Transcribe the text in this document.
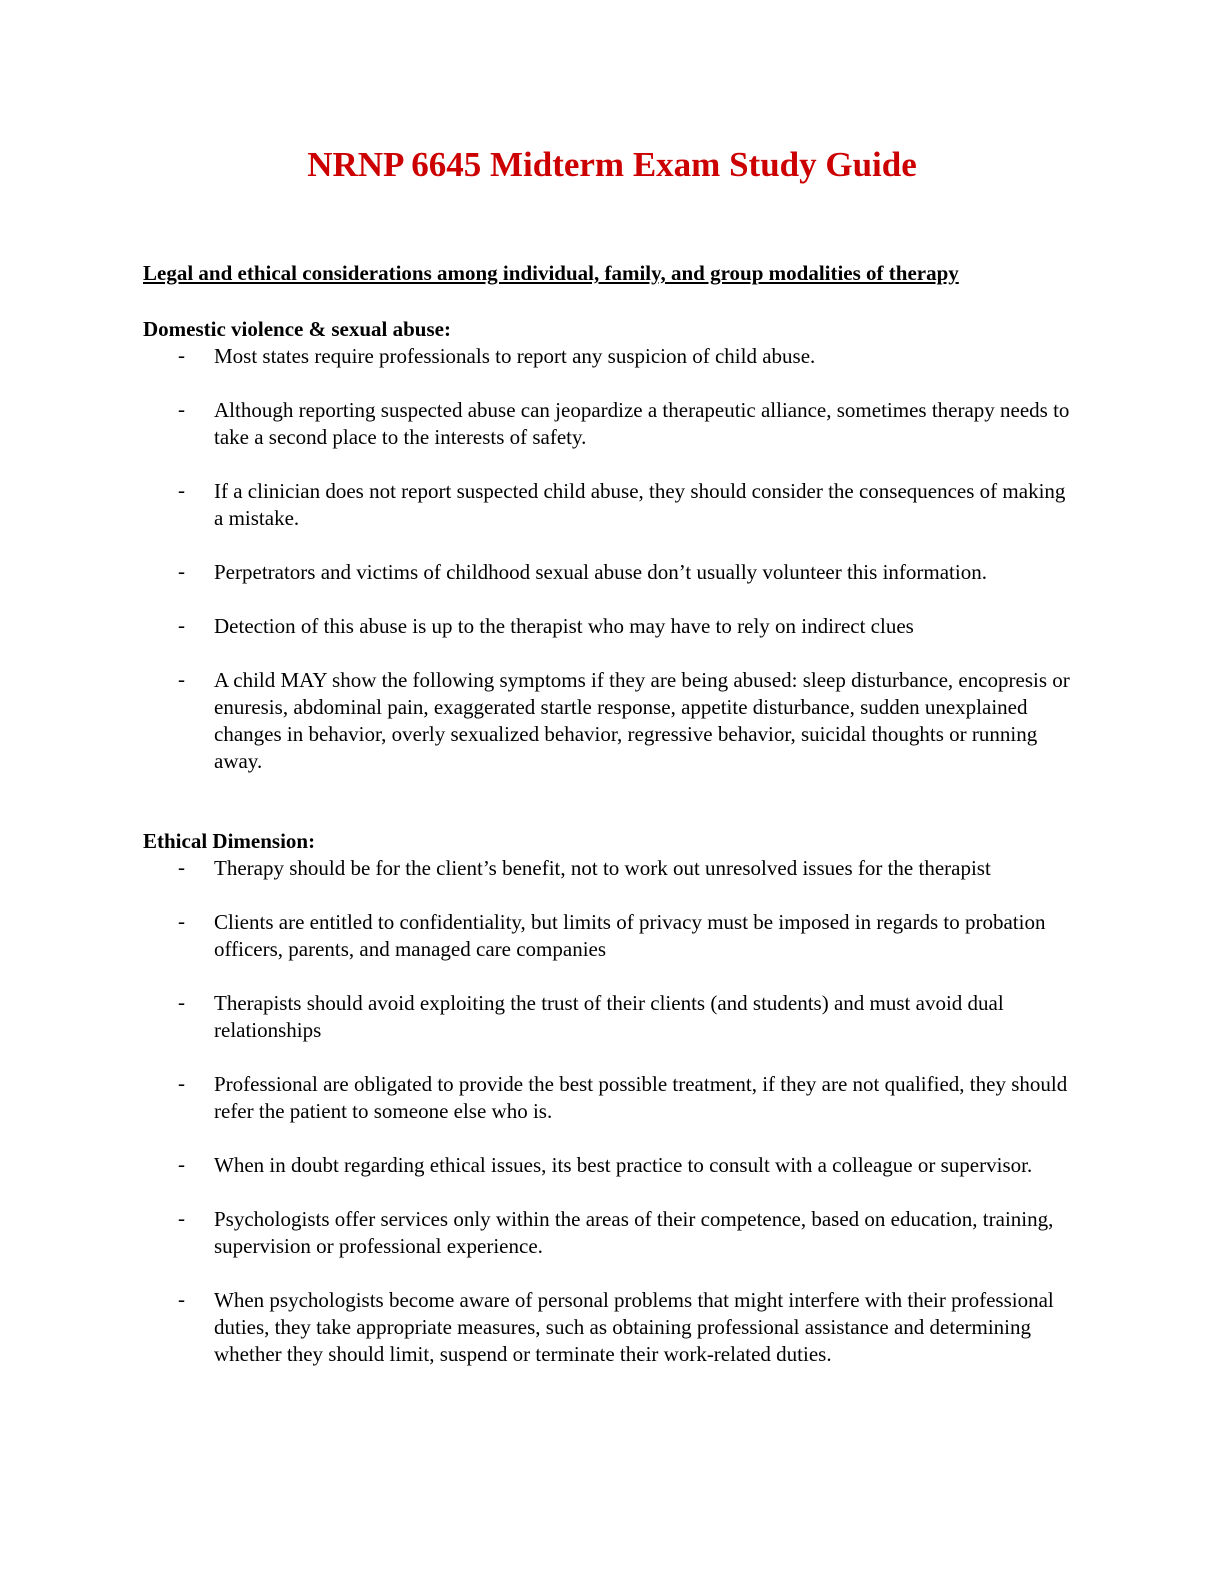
NRNP 6645 Midterm Exam Study Guide
Legal and ethical considerations among individual, family, and group modalities of therapy
Domestic violence & sexual abuse:
- Most states require professionals to report any suspicion of child abuse.
- Although reporting suspected abuse can jeopardize a therapeutic alliance, sometimes therapy needs to take a second place to the interests of safety.
- If a clinician does not report suspected child abuse, they should consider the consequences of making a mistake.
- Perpetrators and victims of childhood sexual abuse don’t usually volunteer this information.
- Detection of this abuse is up to the therapist who may have to rely on indirect clues
- A child MAY show the following symptoms if they are being abused: sleep disturbance, encopresis or enuresis, abdominal pain, exaggerated startle response, appetite disturbance, sudden unexplained changes in behavior, overly sexualized behavior, regressive behavior, suicidal thoughts or running away.
Ethical Dimension:
- Therapy should be for the client’s benefit, not to work out unresolved issues for the therapist
- Clients are entitled to confidentiality, but limits of privacy must be imposed in regards to probation officers, parents, and managed care companies
- Therapists should avoid exploiting the trust of their clients (and students) and must avoid dual relationships
- Professional are obligated to provide the best possible treatment, if they are not qualified, they should refer the patient to someone else who is.
- When in doubt regarding ethical issues, its best practice to consult with a colleague or supervisor.
- Psychologists offer services only within the areas of their competence, based on education, training, supervision or professional experience.
- When psychologists become aware of personal problems that might interfere with their professional duties, they take appropriate measures, such as obtaining professional assistance and determining whether they should limit, suspend or terminate their work-related duties.
